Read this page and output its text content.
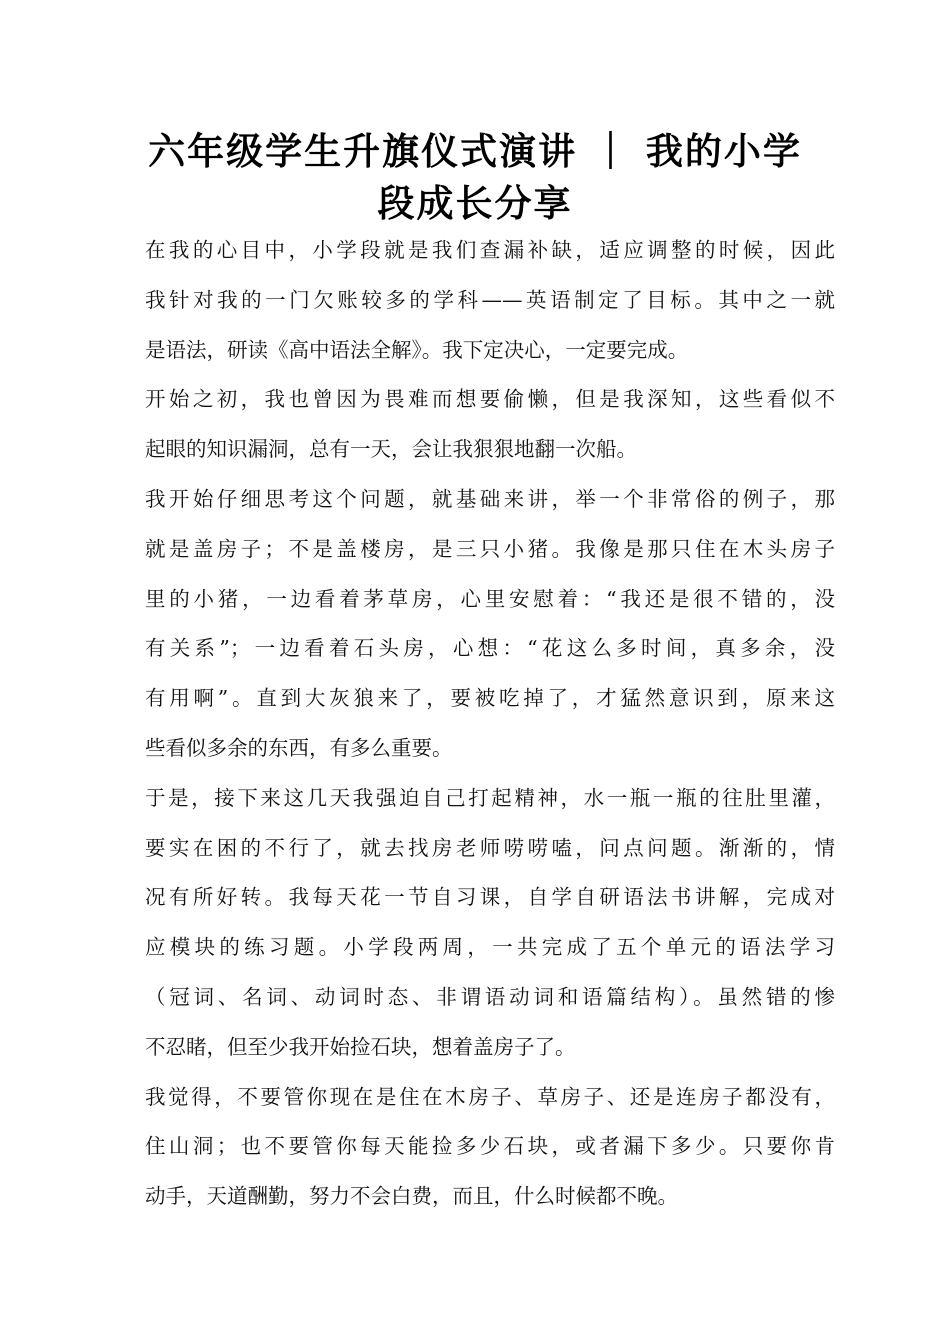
六年级学生升旗仪式演讲 ｜ 我的小学
段成长分享

在我的心目中，小学段就是我们查漏补缺，适应调整的时候，因此
我针对我的一门欠账较多的学科——英语制定了目标。其中之一就
是语法，研读《高中语法全解》。我下定决心，一定要完成。

开始之初，我也曾因为畏难而想要偷懒，但是我深知，这些看似不
起眼的知识漏洞，总有一天，会让我狠狠地翻一次船。

我开始仔细思考这个问题，就基础来讲，举一个非常俗的例子，那
就是盖房子；不是盖楼房，是三只小猪。我像是那只住在木头房子
里的小猪，一边看着茅草房，心里安慰着：“我还是很不错的，没
有关系”；一边看着石头房，心想：“花这么多时间，真多余，没
有用啊”。直到大灰狼来了，要被吃掉了，才猛然意识到，原来这
些看似多余的东西，有多么重要。

于是，接下来这几天我强迫自己打起精神，水一瓶一瓶的往肚里灌，
要实在困的不行了，就去找房老师唠唠嗑，问点问题。渐渐的，情
况有所好转。我每天花一节自习课，自学自研语法书讲解，完成对
应模块的练习题。小学段两周，一共完成了五个单元的语法学习
（冠词、名词、动词时态、非谓语动词和语篇结构）。虽然错的惨
不忍睹，但至少我开始捡石块，想着盖房子了。

我觉得，不要管你现在是住在木房子、草房子、还是连房子都没有，
住山洞；也不要管你每天能捡多少石块，或者漏下多少。只要你肯
动手，天道酬勤，努力不会白费，而且，什么时候都不晚。
